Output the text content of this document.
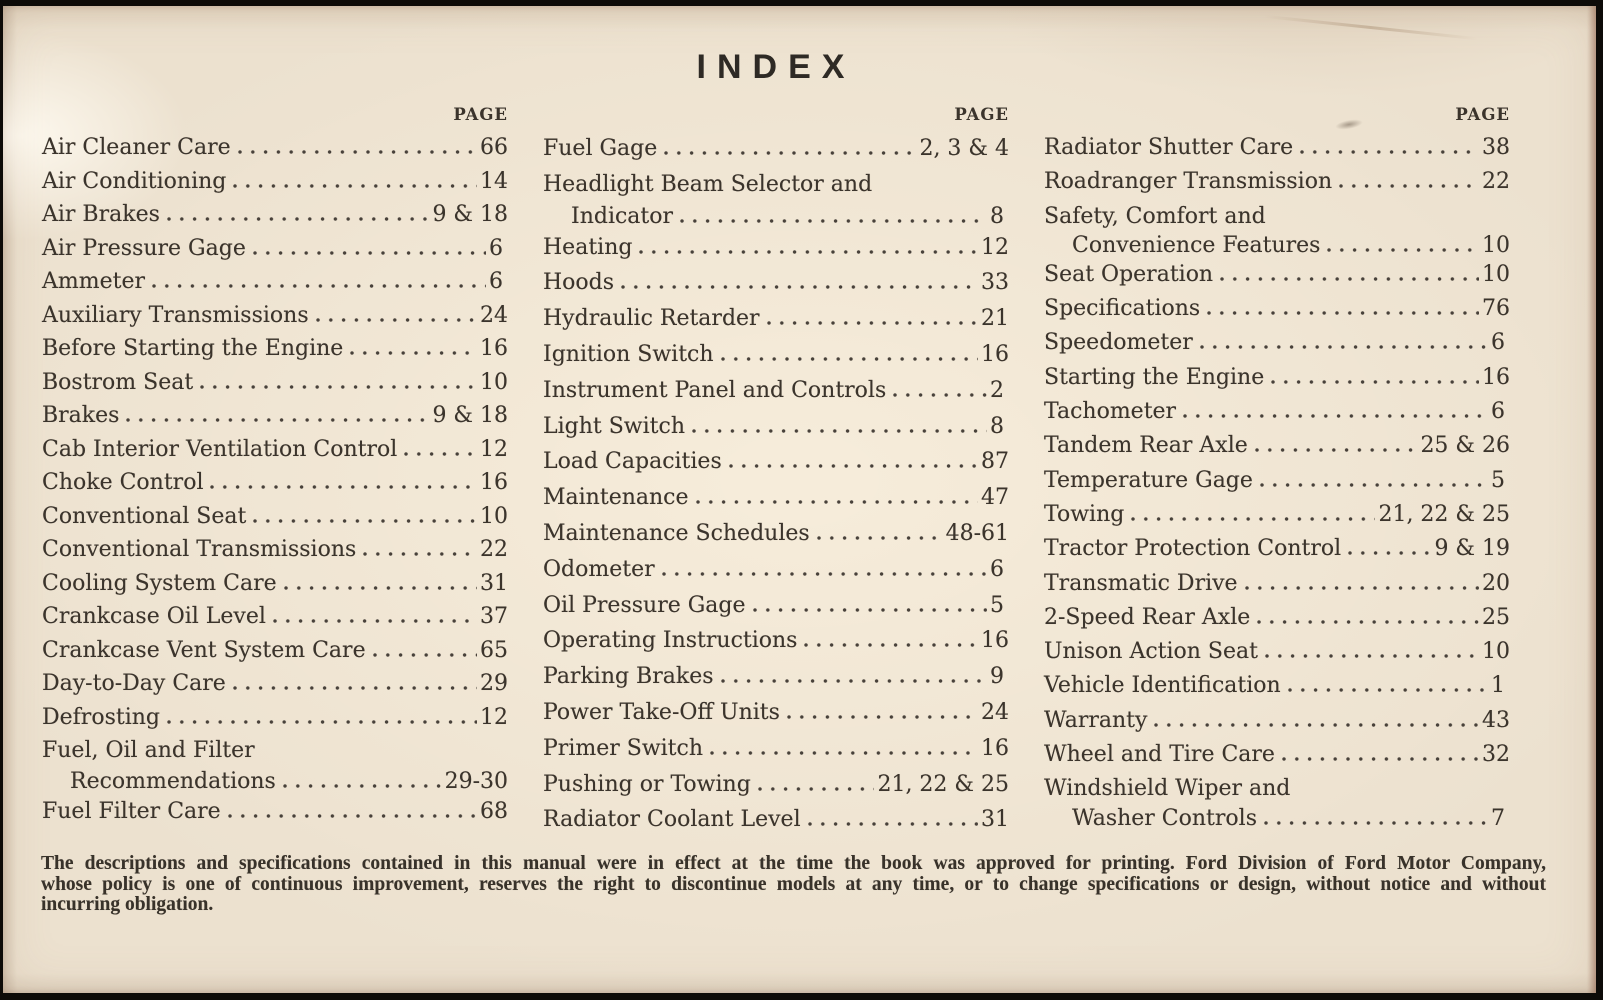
INDEX
PAGE
Air Cleaner Care	66
Air Conditioning	14
Air Brakes	9 & 18
Air Pressure Gage	6
Ammeter	6
Auxiliary Transmissions	24
Before Starting the Engine	16
Bostrom Seat	10
Brakes	9 & 18
Cab Interior Ventilation Control	12
Choke Control	16
Conventional Seat	10
Conventional Transmissions	22
Cooling System Care	31
Crankcase Oil Level	37
Crankcase Vent System Care	65
Day-to-Day Care	29
Defrosting	12
Fuel, Oil and Filter
Recommendations	29-30
Fuel Filter Care	68
PAGE
Fuel Gage	2, 3 & 4
Headlight Beam Selector and
Indicator	8
Heating	12
Hoods	33
Hydraulic Retarder	21
Ignition Switch	16
Instrument Panel and Controls	2
Light Switch	8
Load Capacities	87
Maintenance	47
Maintenance Schedules	48-61
Odometer	6
Oil Pressure Gage	5
Operating Instructions	16
Parking Brakes	9
Power Take-Off Units	24
Primer Switch	16
Pushing or Towing	21, 22 & 25
Radiator Coolant Level	31
PAGE
Radiator Shutter Care	38
Roadranger Transmission	22
Safety, Comfort and
Convenience Features	10
Seat Operation	10
Specifications	76
Speedometer	6
Starting the Engine	16
Tachometer	6
Tandem Rear Axle	25 & 26
Temperature Gage	5
Towing	21, 22 & 25
Tractor Protection Control	9 & 19
Transmatic Drive	20
2-Speed Rear Axle	25
Unison Action Seat	10
Vehicle Identification	1
Warranty	43
Wheel and Tire Care	32
Windshield Wiper and
Washer Controls	7
The descriptions and specifications contained in this manual were in effect at the time the book was approved for printing. Ford Division of Ford Motor Company,
whose policy is one of continuous improvement, reserves the right to discontinue models at any time, or to change specifications or design, without notice and without
incurring obligation.
